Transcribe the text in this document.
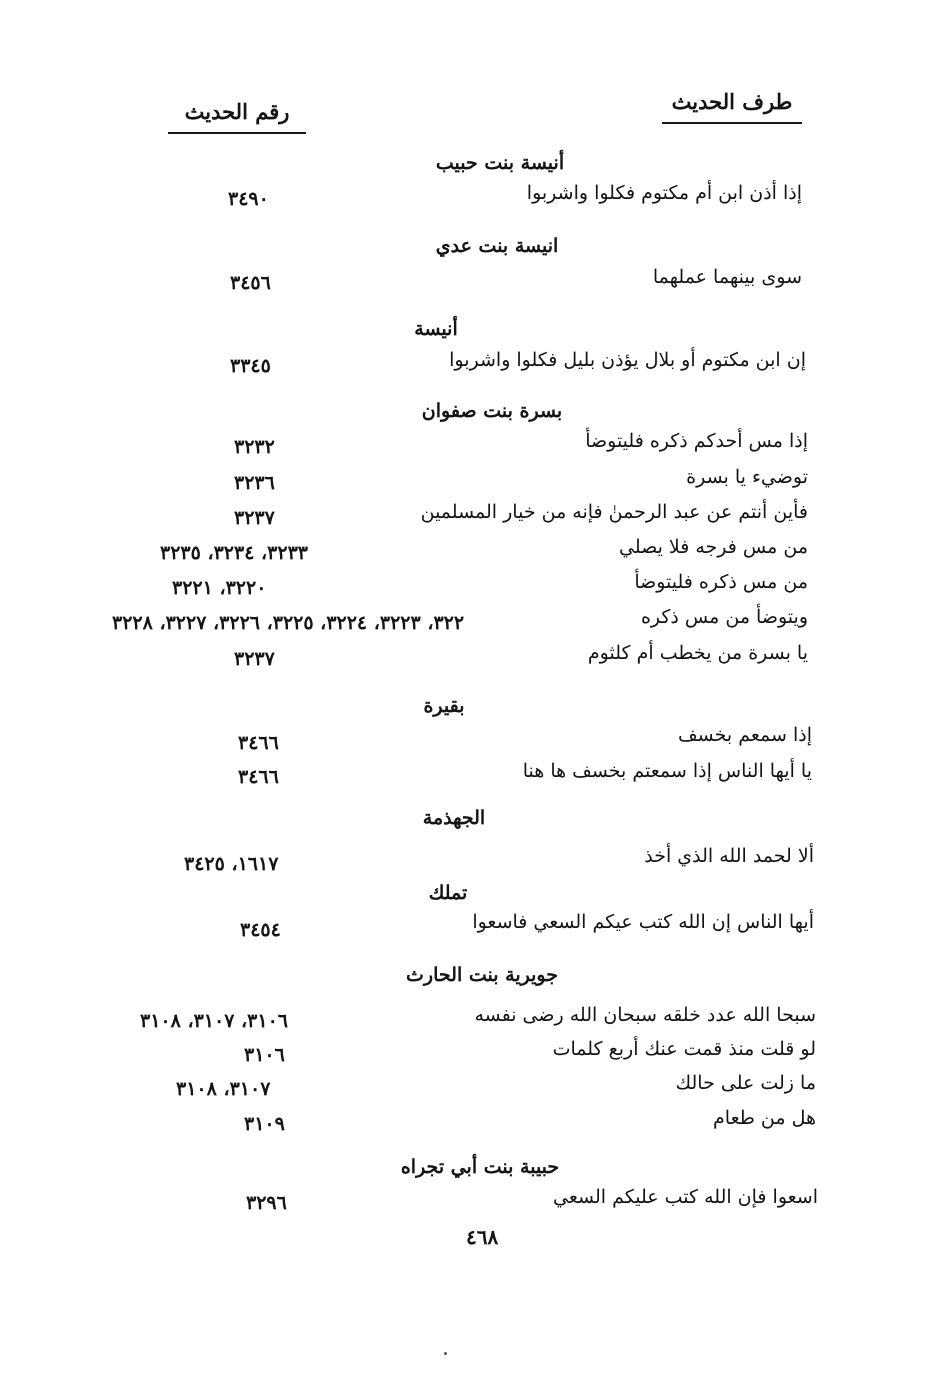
طرف الحديث
رقم الحديث
أنيسة بنت حبيب
إذا أذن ابن أم مكتوم فكلوا واشربوا
٣٤٩٠
انيسة بنت عدي
سوى بينهما عملهما
٣٤٥٦
أنيسة
إن ابن مكتوم أو بلال يؤذن بليل فكلوا واشربوا
٣٣٤٥
بسرة بنت صفوان
إذا مس أحدكم ذكره فليتوضأ
٣٢٣٢
توضيء يا بسرة
٣٢٣٦
فأين أنتم عن عبد الرحمنٰ فإنه من خيار المسلمين
٣٢٣٧
من مس فرجه فلا يصلي
٣٢٣٣، ٣٢٣٤، ٣٢٣٥
من مس ذكره فليتوضأ
٣٢٢٠، ٣٢٢١
ويتوضأ من مس ذكره
٣٢٢، ٣٢٢٣، ٣٢٢٤، ٣٢٢٥، ٣٢٢٦، ٣٢٢٧، ٣٢٢٨
يا بسرة من يخطب أم كلثوم
٣٢٣٧
بقيرة
إذا سمعم بخسف
٣٤٦٦
يا أيها الناس إذا سمعتم بخسف ها هنا
٣٤٦٦
الجهذمة
ألا لحمد الله الذي أخذ
١٦١٧، ٣٤٢٥
تملك
أيها الناس إن الله كتب عيكم السعي فاسعوا
٣٤٥٤
جويرية بنت الحارث
سبحا الله عدد خلقه سبحان الله رضى نفسه
٣١٠٦، ٣١٠٧، ٣١٠٨
لو قلت منذ قمت عنك أربع كلمات
٣١٠٦
ما زلت على حالك
٣١٠٧، ٣١٠٨
هل من طعام
٣١٠٩
حبيبة بنت أبي تجراه
اسعوا فإن الله كتب عليكم السعي
٣٢٩٦
٤٦٨
